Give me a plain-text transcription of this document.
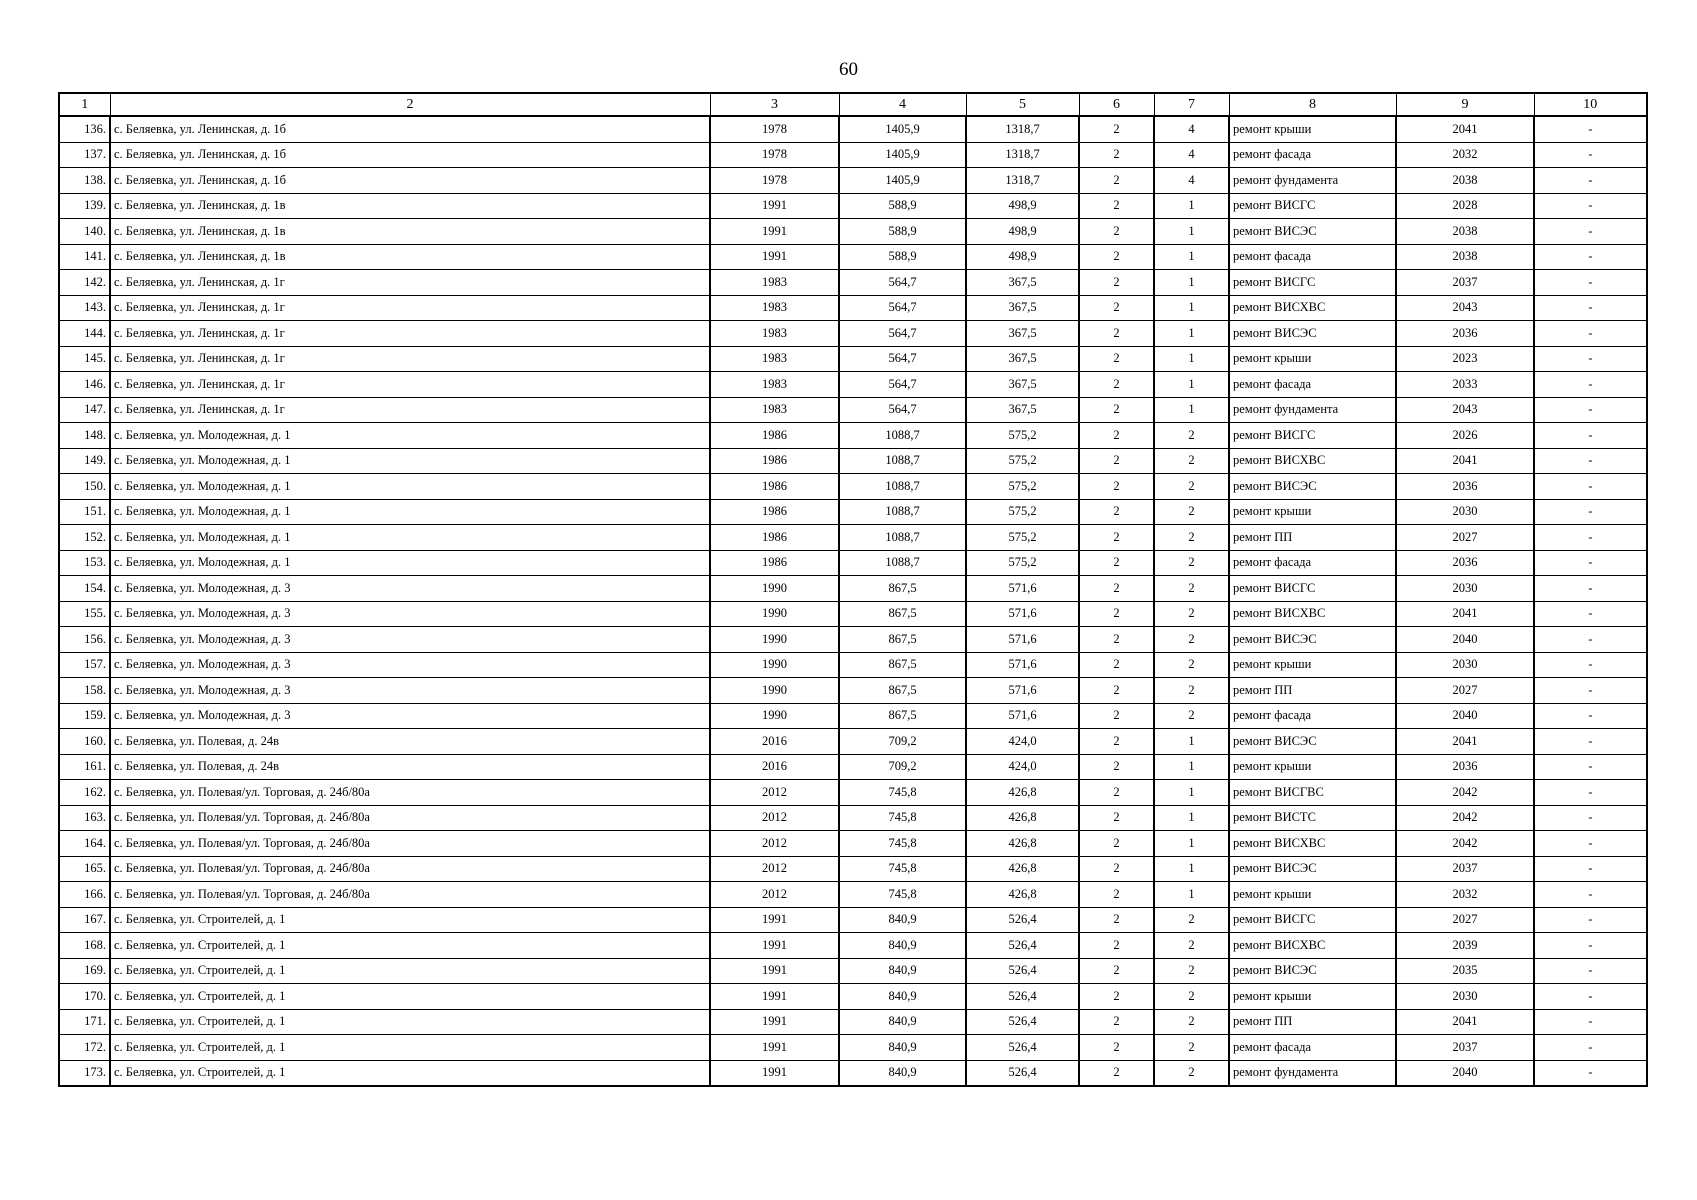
60
1	2	3	4	5	6	7	8	9	10
136.	с. Беляевка, ул. Ленинская, д. 1б	1978	1405,9	1318,7	2	4	ремонт крыши	2041	-
137.	с. Беляевка, ул. Ленинская, д. 1б	1978	1405,9	1318,7	2	4	ремонт фасада	2032	-
138.	с. Беляевка, ул. Ленинская, д. 1б	1978	1405,9	1318,7	2	4	ремонт фундамента	2038	-
139.	с. Беляевка, ул. Ленинская, д. 1в	1991	588,9	498,9	2	1	ремонт ВИСГС	2028	-
140.	с. Беляевка, ул. Ленинская, д. 1в	1991	588,9	498,9	2	1	ремонт ВИСЭС	2038	-
141.	с. Беляевка, ул. Ленинская, д. 1в	1991	588,9	498,9	2	1	ремонт фасада	2038	-
142.	с. Беляевка, ул. Ленинская, д. 1г	1983	564,7	367,5	2	1	ремонт ВИСГС	2037	-
143.	с. Беляевка, ул. Ленинская, д. 1г	1983	564,7	367,5	2	1	ремонт ВИСХВС	2043	-
144.	с. Беляевка, ул. Ленинская, д. 1г	1983	564,7	367,5	2	1	ремонт ВИСЭС	2036	-
145.	с. Беляевка, ул. Ленинская, д. 1г	1983	564,7	367,5	2	1	ремонт крыши	2023	-
146.	с. Беляевка, ул. Ленинская, д. 1г	1983	564,7	367,5	2	1	ремонт фасада	2033	-
147.	с. Беляевка, ул. Ленинская, д. 1г	1983	564,7	367,5	2	1	ремонт фундамента	2043	-
148.	с. Беляевка, ул. Молодежная, д. 1	1986	1088,7	575,2	2	2	ремонт ВИСГС	2026	-
149.	с. Беляевка, ул. Молодежная, д. 1	1986	1088,7	575,2	2	2	ремонт ВИСХВС	2041	-
150.	с. Беляевка, ул. Молодежная, д. 1	1986	1088,7	575,2	2	2	ремонт ВИСЭС	2036	-
151.	с. Беляевка, ул. Молодежная, д. 1	1986	1088,7	575,2	2	2	ремонт крыши	2030	-
152.	с. Беляевка, ул. Молодежная, д. 1	1986	1088,7	575,2	2	2	ремонт ПП	2027	-
153.	с. Беляевка, ул. Молодежная, д. 1	1986	1088,7	575,2	2	2	ремонт фасада	2036	-
154.	с. Беляевка, ул. Молодежная, д. 3	1990	867,5	571,6	2	2	ремонт ВИСГС	2030	-
155.	с. Беляевка, ул. Молодежная, д. 3	1990	867,5	571,6	2	2	ремонт ВИСХВС	2041	-
156.	с. Беляевка, ул. Молодежная, д. 3	1990	867,5	571,6	2	2	ремонт ВИСЭС	2040	-
157.	с. Беляевка, ул. Молодежная, д. 3	1990	867,5	571,6	2	2	ремонт крыши	2030	-
158.	с. Беляевка, ул. Молодежная, д. 3	1990	867,5	571,6	2	2	ремонт ПП	2027	-
159.	с. Беляевка, ул. Молодежная, д. 3	1990	867,5	571,6	2	2	ремонт фасада	2040	-
160.	с. Беляевка, ул. Полевая, д. 24в	2016	709,2	424,0	2	1	ремонт ВИСЭС	2041	-
161.	с. Беляевка, ул. Полевая, д. 24в	2016	709,2	424,0	2	1	ремонт крыши	2036	-
162.	с. Беляевка, ул. Полевая/ул. Торговая, д. 24б/80а	2012	745,8	426,8	2	1	ремонт ВИСГВС	2042	-
163.	с. Беляевка, ул. Полевая/ул. Торговая, д. 24б/80а	2012	745,8	426,8	2	1	ремонт ВИСТС	2042	-
164.	с. Беляевка, ул. Полевая/ул. Торговая, д. 24б/80а	2012	745,8	426,8	2	1	ремонт ВИСХВС	2042	-
165.	с. Беляевка, ул. Полевая/ул. Торговая, д. 24б/80а	2012	745,8	426,8	2	1	ремонт ВИСЭС	2037	-
166.	с. Беляевка, ул. Полевая/ул. Торговая, д. 24б/80а	2012	745,8	426,8	2	1	ремонт крыши	2032	-
167.	с. Беляевка, ул. Строителей, д. 1	1991	840,9	526,4	2	2	ремонт ВИСГС	2027	-
168.	с. Беляевка, ул. Строителей, д. 1	1991	840,9	526,4	2	2	ремонт ВИСХВС	2039	-
169.	с. Беляевка, ул. Строителей, д. 1	1991	840,9	526,4	2	2	ремонт ВИСЭС	2035	-
170.	с. Беляевка, ул. Строителей, д. 1	1991	840,9	526,4	2	2	ремонт крыши	2030	-
171.	с. Беляевка, ул. Строителей, д. 1	1991	840,9	526,4	2	2	ремонт ПП	2041	-
172.	с. Беляевка, ул. Строителей, д. 1	1991	840,9	526,4	2	2	ремонт фасада	2037	-
173.	с. Беляевка, ул. Строителей, д. 1	1991	840,9	526,4	2	2	ремонт фундамента	2040	-
